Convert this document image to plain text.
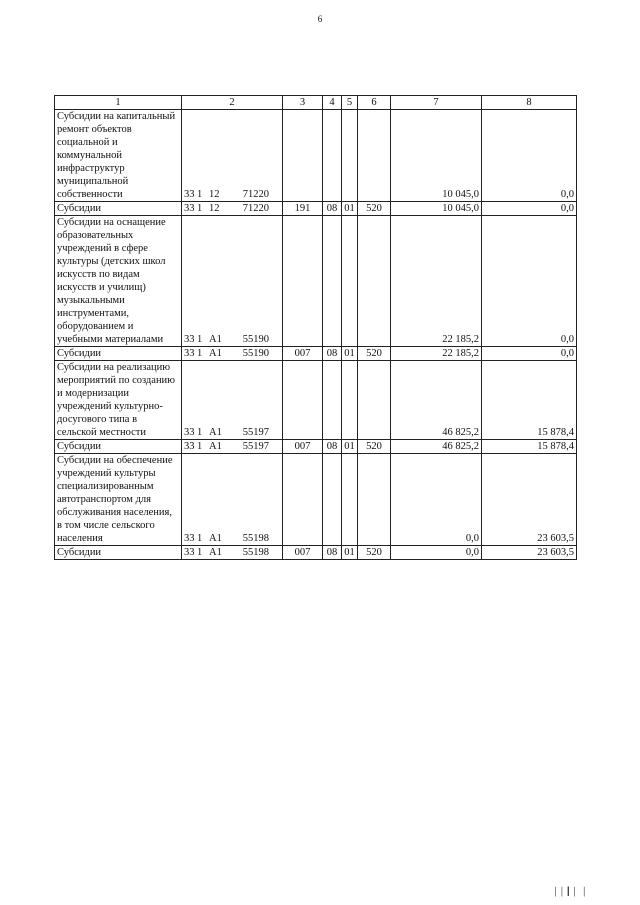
6
1	2	3	4	5	6	7	8
Субсидии на капитальный ремонт объектов социальной и коммунальной инфраструктур муниципальной собственности	33 1 12 71220					10 045,0	0,0
Субсидии	33 1 12 71220	191	08	01	520	10 045,0	0,0
Субсидии на оснащение образовательных учреждений в сфере культуры (детских школ искусств по видам искусств и училищ) музыкальными инструментами, оборудованием и учебными материалами	33 1 A1 55190					22 185,2	0,0
Субсидии	33 1 A1 55190	007	08	01	520	22 185,2	0,0
Субсидии на реализацию мероприятий по созданию и модернизации учреждений культурно-досугового типа в сельской местности	33 1 A1 55197					46 825,2	15 878,4
Субсидии	33 1 A1 55197	007	08	01	520	46 825,2	15 878,4
Субсидии на обеспечение учреждений культуры специализированным автотранспортом для обслуживания населения, в том числе сельского населения	33 1 A1 55198					0,0	23 603,5
Субсидии	33 1 A1 55198	007	08	01	520	0,0	23 603,5
││┃│ │
